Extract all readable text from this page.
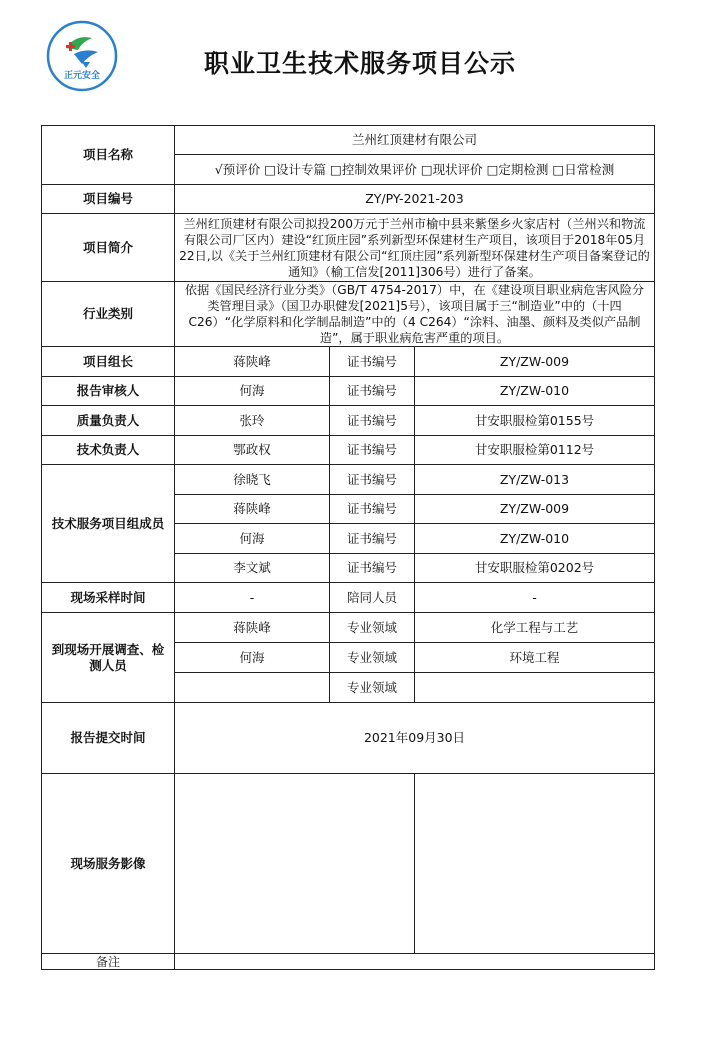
正元安全	职业卫生技术服务项目公示
项目名称	兰州红顶建材有限公司		
	√预评价 □设计专篇 □控制效果评价 □现状评价 □定期检测 □日常检测		
项目编号	ZY/PY-2021-203		
项目简介	兰州红顶建材有限公司拟投200万元于兰州市榆中县来紫堡乡火家店村（兰州兴和物流有限公司厂区内）建设“红顶庄园”系列新型环保建材生产项目，该项目于2018年05月22日,以《关于兰州红顶建材有限公司“红顶庄园”系列新型环保建材生产项目备案登记的通知》（榆工信发[2011]306号）进行了备案。		
行业类别	依据《国民经济行业分类》（GB/T 4754-2017）中，在《建设项目职业病危害风险分类管理目录》（国卫办职健发[2021]5号），该项目属于三“制造业”中的（十四 C26）“化学原料和化学制品制造”中的（4 C264）“涂料、油墨、颜料及类似产品制造”，属于职业病危害严重的项目。		
项目组长	蒋陕峰	证书编号	ZY/ZW-009
报告审核人	何海	证书编号	ZY/ZW-010
质量负责人	张玲	证书编号	甘安职服检第0155号
技术负责人	鄂政权	证书编号	甘安职服检第0112号
技术服务项目组成员	徐晓飞	证书编号	ZY/ZW-013
	蒋陕峰	证书编号	ZY/ZW-009
	何海	证书编号	ZY/ZW-010
	李文斌	证书编号	甘安职服检第0202号
现场采样时间	-	陪同人员	-
到现场开展调查、检测人员	蒋陕峰	专业领域	化学工程与工艺
	何海	专业领域	环境工程
		专业领域	
报告提交时间	2021年09月30日		
现场服务影像			
备注			
